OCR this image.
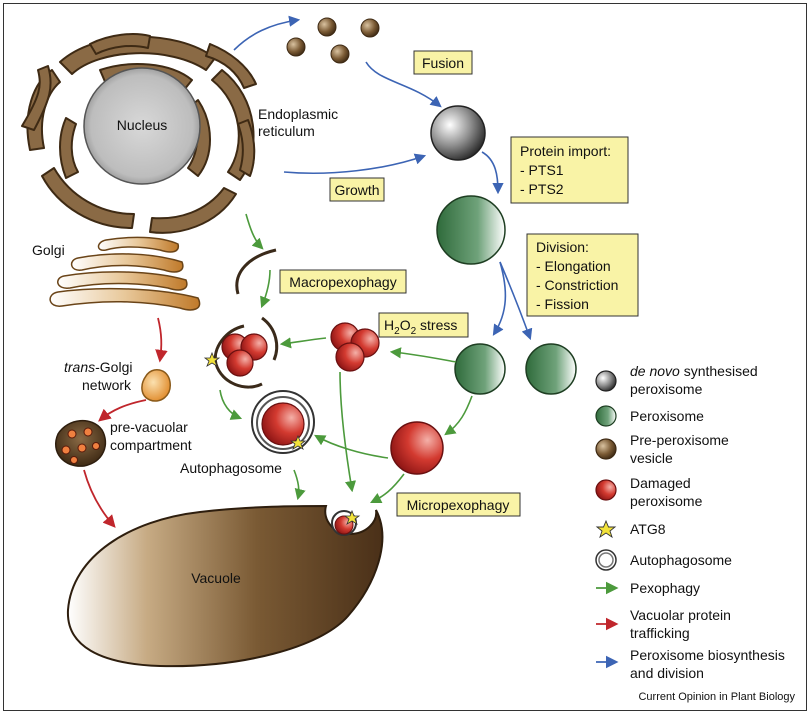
Nucleus
Endoplasmic
reticulum
Golgi
trans-Golgi
network
pre-vacuolar
compartment
Vacuole
Fusion
Growth
Protein import:
- PTS1
- PTS2
Division:
- Elongation
- Constriction
- Fission
$H_2O_2$ stress
Macropexophagy
Autophagosome
Micropexophagy
de novo synthesised
peroxisome
Peroxisome
Pre-peroxisome
vesicle
Damaged
peroxisome
ATG8
Autophagosome
Pexophagy
Vacuolar protein
trafficking
Peroxisome biosynthesis
and division
Current Opinion in Plant Biology
